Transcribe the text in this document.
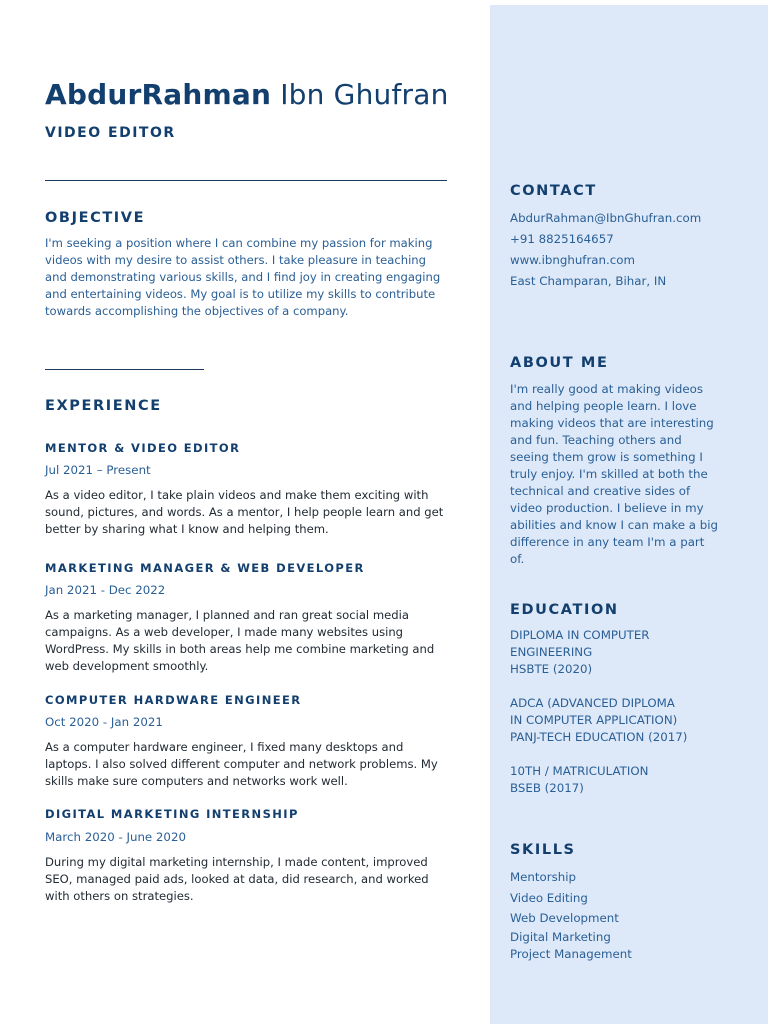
AbdurRahman Ibn Ghufran
VIDEO EDITOR
OBJECTIVE
I'm seeking a position where I can combine my passion for making videos with my desire to assist others. I take pleasure in teaching and demonstrating various skills, and I find joy in creating engaging and entertaining videos. My goal is to utilize my skills to contribute towards accomplishing the objectives of a company.
EXPERIENCE
MENTOR & VIDEO EDITOR
Jul 2021 – Present
As a video editor, I take plain videos and make them exciting with sound, pictures, and words. As a mentor, I help people learn and get better by sharing what I know and helping them.
MARKETING MANAGER & WEB DEVELOPER
Jan 2021 - Dec 2022
As a marketing manager, I planned and ran great social media campaigns. As a web developer, I made many websites using WordPress. My skills in both areas help me combine marketing and web development smoothly.
COMPUTER HARDWARE ENGINEER
Oct 2020 - Jan 2021
As a computer hardware engineer, I fixed many desktops and laptops. I also solved different computer and network problems. My skills make sure computers and networks work well.
DIGITAL MARKETING INTERNSHIP
March 2020 - June 2020
During my digital marketing internship, I made content, improved SEO, managed paid ads, looked at data, did research, and worked with others on strategies.
CONTACT
AbdurRahman@IbnGhufran.com
+91 8825164657
www.ibnghufran.com
East Champaran, Bihar, IN
ABOUT ME
I'm really good at making videos and helping people learn. I love making videos that are interesting and fun. Teaching others and seeing them grow is something I truly enjoy. I'm skilled at both the technical and creative sides of video production. I believe in my abilities and know I can make a big difference in any team I'm a part of.
EDUCATION
DIPLOMA IN COMPUTER
ENGINEERING
HSBTE (2020)
ADCA (ADVANCED DIPLOMA
IN COMPUTER APPLICATION)
PANJ-TECH EDUCATION (2017)
10TH / MATRICULATION
BSEB (2017)
SKILLS
Mentorship
Video Editing
Web Development
Digital Marketing
Project Management
